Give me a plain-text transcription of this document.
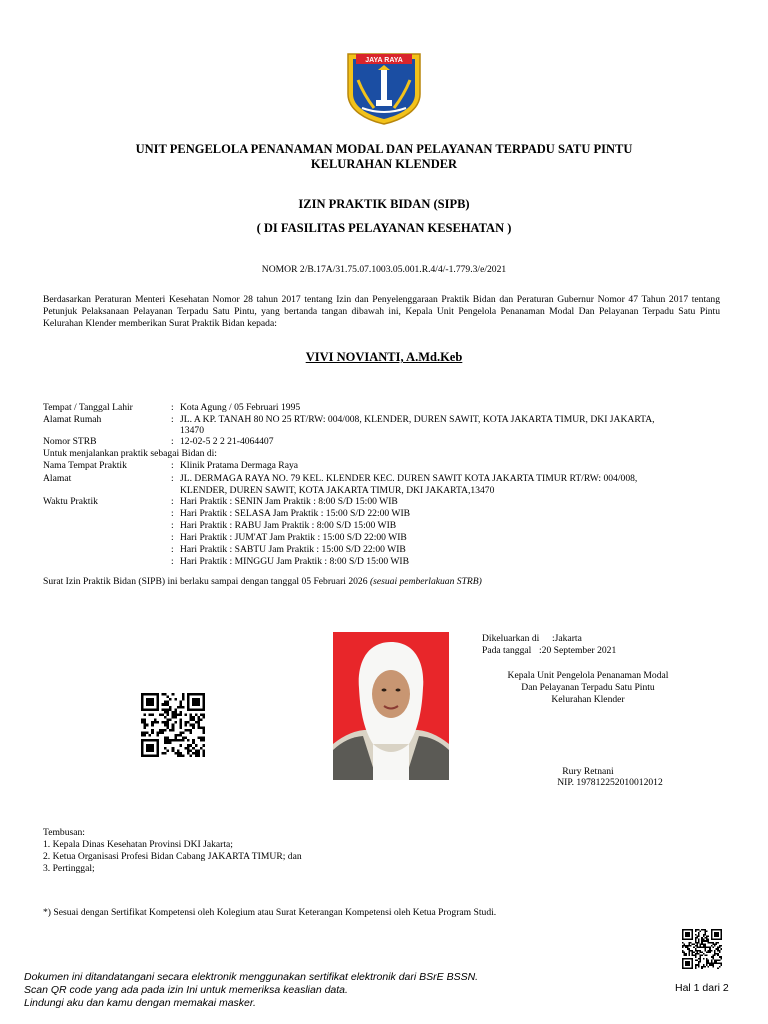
JAYA RAYA
UNIT PENGELOLA PENANAMAN MODAL DAN PELAYANAN TERPADU SATU PINTU
KELURAHAN KLENDER
IZIN PRAKTIK BIDAN (SIPB)
( DI FASILITAS PELAYANAN KESEHATAN )
NOMOR 2/B.17A/31.75.07.1003.05.001.R.4/4/-1.779.3/e/2021
Berdasarkan Peraturan Menteri Kesehatan Nomor 28 tahun 2017 tentang Izin dan Penyelenggaraan Praktik Bidan dan Peraturan Gubernur Nomor 47 Tahun 2017 tentang Petunjuk Pelaksanaan Pelayanan Terpadu Satu Pintu, yang bertanda tangan dibawah ini, Kepala Unit Pengelola Penanaman Modal Dan Pelayanan Terpadu Satu Pintu Kelurahan Klender memberikan Surat Praktik Bidan kepada:
VIVI NOVIANTI, A.Md.Keb
Tempat / Tanggal Lahir	: Kota Agung / 05 Februari 1995
Alamat Rumah	: JL. A KP. TANAH 80 NO 25 RT/RW: 004/008, KLENDER, DUREN SAWIT, KOTA JAKARTA TIMUR, DKI JAKARTA,
13470
Nomor STRB	: 12-02-5 2 2 21-4064407
Untuk menjalankan praktik sebagai Bidan di:
Nama Tempat Praktik	: Klinik Pratama Dermaga Raya
Alamat	: JL. DERMAGA RAYA NO. 79 KEL. KLENDER KEC. DUREN SAWIT KOTA JAKARTA TIMUR RT/RW: 004/008,
KLENDER, DUREN SAWIT, KOTA JAKARTA TIMUR, DKI JAKARTA,13470
Waktu Praktik	: Hari Praktik : SENIN Jam Praktik : 8:00 S/D 15:00 WIB
: Hari Praktik : SELASA Jam Praktik : 15:00 S/D 22:00 WIB
: Hari Praktik : RABU Jam Praktik : 8:00 S/D 15:00 WIB
: Hari Praktik : JUM'AT Jam Praktik : 15:00 S/D 22:00 WIB
: Hari Praktik : SABTU Jam Praktik : 15:00 S/D 22:00 WIB
: Hari Praktik : MINGGU Jam Praktik : 8:00 S/D 15:00 WIB
Surat Izin Praktik Bidan (SIPB) ini berlaku sampai dengan tanggal 05 Februari 2026 (sesuai pemberlakuan STRB)
Dikeluarkan di :Jakarta
Pada tanggal :20 September 2021
Kepala Unit Pengelola Penanaman Modal
Dan Pelayanan Terpadu Satu Pintu
Kelurahan Klender
Rury Retnani
NIP. 197812252010012012
Tembusan:
1. Kepala Dinas Kesehatan Provinsi DKI Jakarta;
2. Ketua Organisasi Profesi Bidan Cabang JAKARTA TIMUR; dan
3. Pertinggal;
*) Sesuai dengan Sertifikat Kompetensi oleh Kolegium atau Surat Keterangan Kompetensi oleh Ketua Program Studi.
Dokumen ini ditandatangani secara elektronik menggunakan sertifikat elektronik dari BSrE BSSN.
Scan QR code yang ada pada izin Ini untuk memeriksa keaslian data.
Lindungi aku dan kamu dengan memakai masker.
Hal 1 dari 2
